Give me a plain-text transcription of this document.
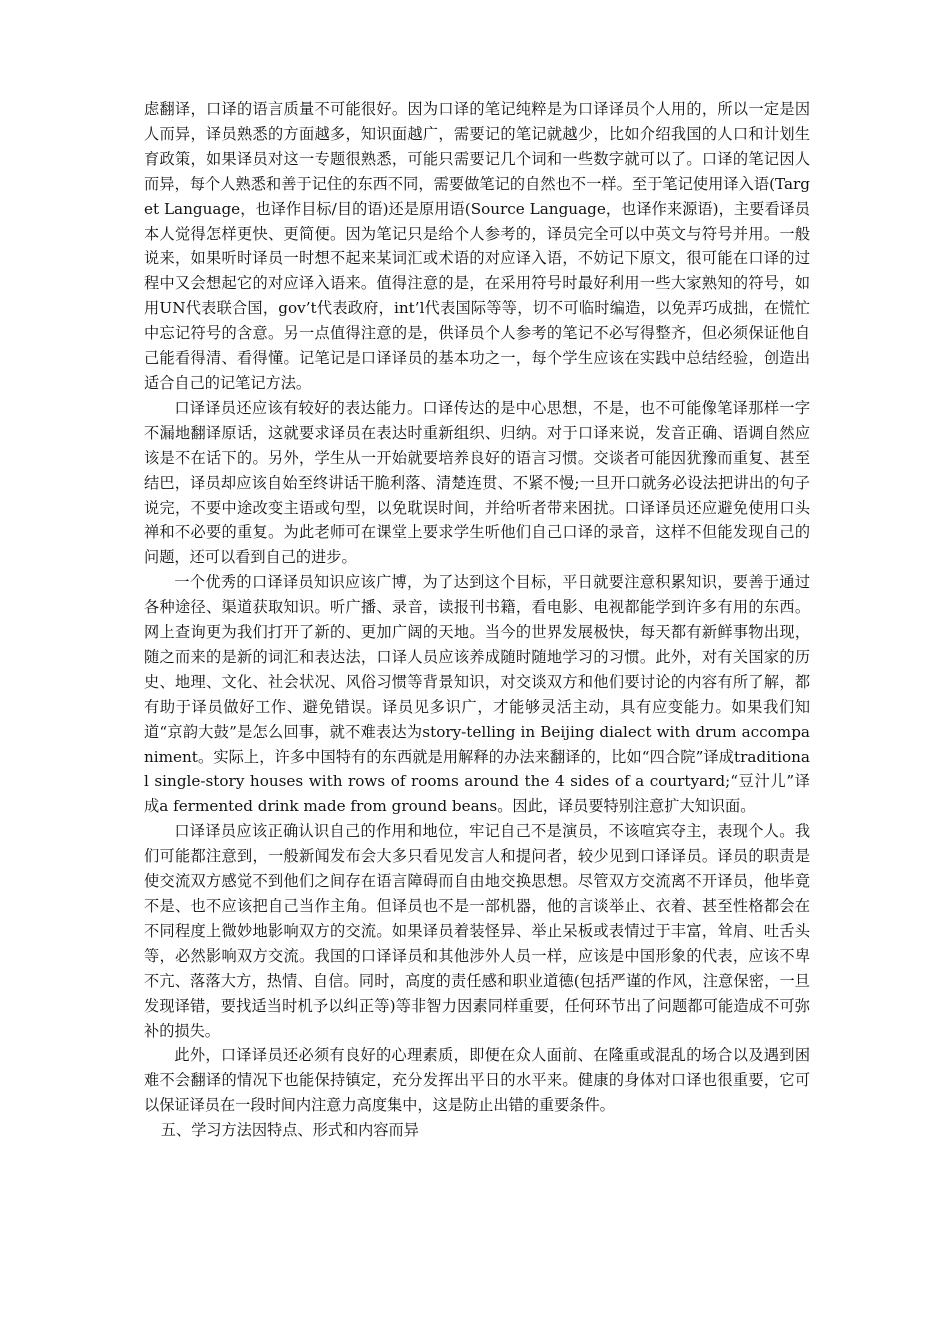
虑翻译，口译的语言质量不可能很好。因为口译的笔记纯粹是为口译译员个人用的，所以一定是因人而异，译员熟悉的方面越多，知识面越广，需要记的笔记就越少，比如介绍我国的人口和计划生育政策，如果译员对这一专题很熟悉，可能只需要记几个词和一些数字就可以了。口译的笔记因人而异，每个人熟悉和善于记住的东西不同，需要做笔记的自然也不一样。至于笔记使用译入语(Target Language，也译作目标/目的语)还是原用语(Source Language，也译作来源语)，主要看译员本人觉得怎样更快、更简便。因为笔记只是给个人参考的，译员完全可以中英文与符号并用。一般说来，如果听时译员一时想不起来某词汇或术语的对应译入语，不妨记下原文，很可能在口译的过程中又会想起它的对应译入语来。值得注意的是，在采用符号时最好利用一些大家熟知的符号，如用UN代表联合国，gov’t代表政府，int’l代表国际等等，切不可临时编造，以免弄巧成拙，在慌忙中忘记符号的含意。另一点值得注意的是，供译员个人参考的笔记不必写得整齐，但必须保证他自己能看得清、看得懂。记笔记是口译译员的基本功之一，每个学生应该在实践中总结经验，创造出适合自己的记笔记方法。

口译译员还应该有较好的表达能力。口译传达的是中心思想，不是，也不可能像笔译那样一字不漏地翻译原话，这就要求译员在表达时重新组织、归纳。对于口译来说，发音正确、语调自然应该是不在话下的。另外，学生从一开始就要培养良好的语言习惯。交谈者可能因犹豫而重复、甚至结巴，译员却应该自始至终讲话干脆利落、清楚连贯、不紧不慢;一旦开口就务必设法把讲出的句子说完，不要中途改变主语或句型，以免耽误时间，并给听者带来困扰。口译译员还应避免使用口头禅和不必要的重复。为此老师可在课堂上要求学生听他们自己口译的录音，这样不但能发现自己的问题，还可以看到自己的进步。

一个优秀的口译译员知识应该广博，为了达到这个目标，平日就要注意积累知识，要善于通过各种途径、渠道获取知识。听广播、录音，读报刊书籍，看电影、电视都能学到许多有用的东西。网上查询更为我们打开了新的、更加广阔的天地。当今的世界发展极快，每天都有新鲜事物出现，随之而来的是新的词汇和表达法，口译人员应该养成随时随地学习的习惯。此外，对有关国家的历史、地理、文化、社会状况、风俗习惯等背景知识，对交谈双方和他们要讨论的内容有所了解，都有助于译员做好工作、避免错误。译员见多识广，才能够灵活主动，具有应变能力。如果我们知道“京韵大鼓”是怎么回事，就不难表达为story-telling in Beijing dialect with drum accompaniment。实际上，许多中国特有的东西就是用解释的办法来翻译的，比如“四合院”译成traditional single-story houses with rows of rooms around the 4 sides of a courtyard;“豆汁儿”译成a fermented drink made from ground beans。因此，译员要特别注意扩大知识面。

口译译员应该正确认识自己的作用和地位，牢记自己不是演员，不该喧宾夺主，表现个人。我们可能都注意到，一般新闻发布会大多只看见发言人和提问者，较少见到口译译员。译员的职责是使交流双方感觉不到他们之间存在语言障碍而自由地交换思想。尽管双方交流离不开译员，他毕竟不是、也不应该把自己当作主角。但译员也不是一部机器，他的言谈举止、衣着、甚至性格都会在不同程度上微妙地影响双方的交流。如果译员着装怪异、举止呆板或表情过于丰富，耸肩、吐舌头等，必然影响双方交流。我国的口译译员和其他涉外人员一样，应该是中国形象的代表，应该不卑不亢、落落大方，热情、自信。同时，高度的责任感和职业道德(包括严谨的作风，注意保密，一旦发现译错，要找适当时机予以纠正等)等非智力因素同样重要，任何环节出了问题都可能造成不可弥补的损失。

此外，口译译员还必须有良好的心理素质，即便在众人面前、在隆重或混乱的场合以及遇到困难不会翻译的情况下也能保持镇定，充分发挥出平日的水平来。健康的身体对口译也很重要，它可以保证译员在一段时间内注意力高度集中，这是防止出错的重要条件。

五、学习方法因特点、形式和内容而异
